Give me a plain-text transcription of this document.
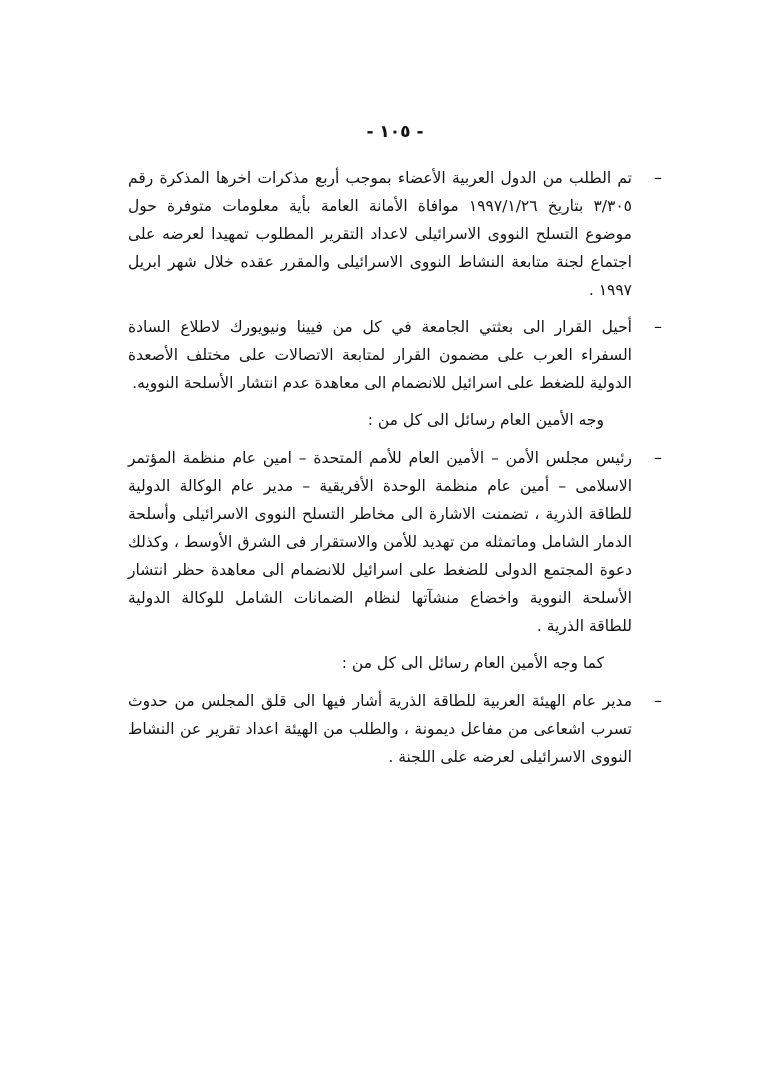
- ١٠٥ -
–

تم الطلب من الدول العربية الأعضاء بموجب أربع مذكرات اخرها المذكرة رقم ٣/٣٠٥ بتاريخ ١٩٩٧/١/٢٦ موافاة الأمانة العامة بأية معلومات متوفرة حول موضوع التسلح النووى الاسرائيلى لاعداد التقرير المطلوب تمهيدا لعرضه على اجتماع لجنة متابعة النشاط النووى الاسرائيلى والمقرر عقده خلال شهر ابريل ١٩٩٧ .

–

أحيل القرار الى بعثتي الجامعة في كل من فيينا ونيويورك لاطلاع السادة السفراء العرب على مضمون القرار لمتابعة الاتصالات على مختلف الأصعدة الدولية للضغط على اسرائيل للانضمام الى معاهدة عدم انتشار الأسلحة النوويه.

وجه الأمين العام رسائل الى كل من :

–

رئيس مجلس الأمن – الأمين العام للأمم المتحدة – امين عام منظمة المؤتمر الاسلامى – أمين عام منظمة الوحدة الأفريقية – مدير عام الوكالة الدولية للطاقة الذرية ، تضمنت الاشارة الى مخاطر التسلح النووى الاسرائيلى وأسلحة الدمار الشامل وماتمثله من تهديد للأمن والاستقرار فى الشرق الأوسط ، وكذلك دعوة المجتمع الدولى للضغط على اسرائيل للانضمام الى معاهدة حظر انتشار الأسلحة النووية واخضاع منشآتها لنظام الضمانات الشامل للوكالة الدولية للطاقة الذرية .

كما وجه الأمين العام رسائل الى كل من :

–

مدير عام الهيئة العربية للطاقة الذرية أشار فيها الى قلق المجلس من حدوث تسرب اشعاعى من مفاعل ديمونة ، والطلب من الهيئة اعداد تقرير عن النشاط النووى الاسرائيلى لعرضه على اللجنة .
